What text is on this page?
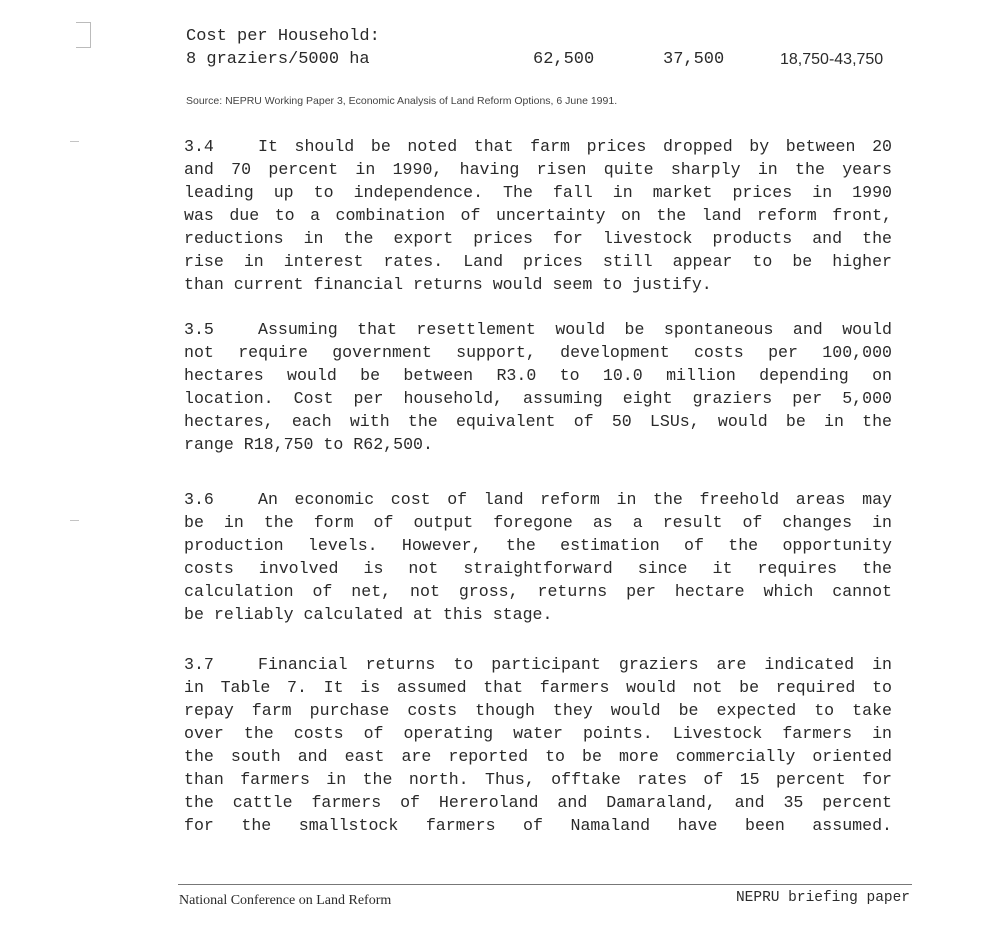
Cost per Household:
8 graziers/5000 ha	62,500	37,500	18,750-43,750
Source: NEPRU Working Paper 3, Economic Analysis of Land Reform Options, 6 June 1991.
3.4	It should be noted that farm prices dropped by between 20
and 70 percent in 1990, having risen quite sharply in the years
leading up to independence. The fall in market prices in 1990
was due to a combination of uncertainty on the land reform front,
reductions in the export prices for livestock products and the
rise in interest rates. Land prices still appear to be higher
than current financial returns would seem to justify.
3.5	Assuming that resettlement would be spontaneous and would
not require government support, development costs per 100,000
hectares would be between R3.0 to 10.0 million depending on
location. Cost per household, assuming eight graziers per 5,000
hectares, each with the equivalent of 50 LSUs, would be in the
range R18,750 to R62,500.
3.6	An economic cost of land reform in the freehold areas may
be in the form of output foregone as a result of changes in
production levels. However, the estimation of the opportunity
costs involved is not straightforward since it requires the
calculation of net, not gross, returns per hectare which cannot
be reliably calculated at this stage.
3.7	Financial returns to participant graziers are indicated in
in Table 7. It is assumed that farmers would not be required to
repay farm purchase costs though they would be expected to take
over the costs of operating water points. Livestock farmers in
the south and east are reported to be more commercially oriented
than farmers in the north. Thus, offtake rates of 15 percent for
the cattle farmers of Hereroland and Damaraland, and 35 percent
for the smallstock farmers of Namaland have been assumed.
National Conference on Land Reform	NEPRU briefing paper
